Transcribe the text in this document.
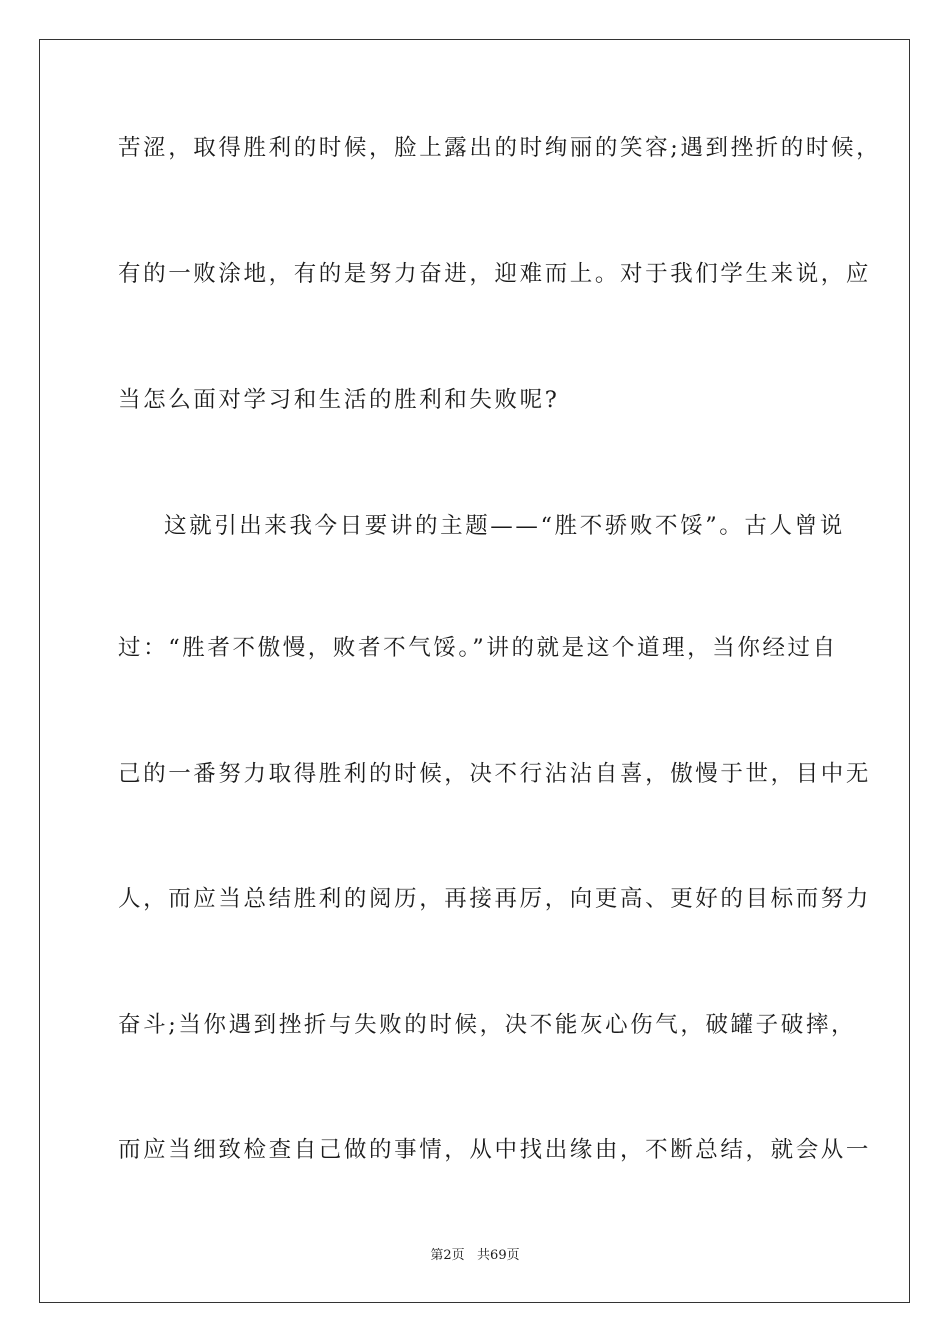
苦涩，取得胜利的时候，脸上露出的时绚丽的笑容;遇到挫折的时候，
有的一败涂地，有的是努力奋进，迎难而上。对于我们学生来说，应
当怎么面对学习和生活的胜利和失败呢?
这就引出来我今日要讲的主题——“胜不骄败不馁”。古人曾说
过：“胜者不傲慢，败者不气馁。”讲的就是这个道理，当你经过自
己的一番努力取得胜利的时候，决不行沾沾自喜，傲慢于世，目中无
人，而应当总结胜利的阅历，再接再厉，向更高、更好的目标而努力
奋斗;当你遇到挫折与失败的时候，决不能灰心伤气，破罐子破摔，
而应当细致检查自己做的事情，从中找出缘由，不断总结，就会从一
第2页   共69页
